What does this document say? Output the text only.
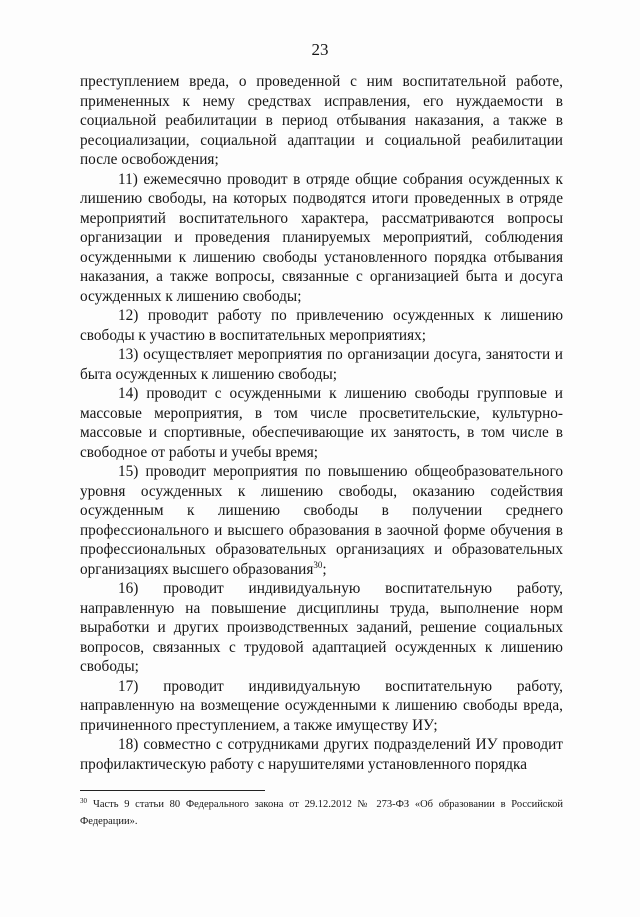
23

преступлением вреда, о проведенной с ним воспитательной работе, примененных к нему средствах исправления, его нуждаемости в социальной реабилитации в период отбывания наказания, а также в ресоциализации, социальной адаптации и социальной реабилитации после освобождения;

11) ежемесячно проводит в отряде общие собрания осужденных к лишению свободы, на которых подводятся итоги проведенных в отряде мероприятий воспитательного характера, рассматриваются вопросы организации и проведения планируемых мероприятий, соблюдения осужденными к лишению свободы установленного порядка отбывания наказания, а также вопросы, связанные с организацией быта и досуга осужденных к лишению свободы;

12) проводит работу по привлечению осужденных к лишению свободы к участию в воспитательных мероприятиях;

13) осуществляет мероприятия по организации досуга, занятости и быта осужденных к лишению свободы;

14) проводит с осужденными к лишению свободы групповые и массовые мероприятия, в том числе просветительские, культурно-массовые и спортивные, обеспечивающие их занятость, в том числе в свободное от работы и учебы время;

15) проводит мероприятия по повышению общеобразовательного уровня осужденных к лишению свободы, оказанию содействия осужденным к лишению свободы в получении среднего профессионального и высшего образования в заочной форме обучения в профессиональных образовательных организациях и образовательных организациях высшего образования$^{30}$;

16) проводит индивидуальную воспитательную работу, направленную на повышение дисциплины труда, выполнение норм выработки и других производственных заданий, решение социальных вопросов, связанных с трудовой адаптацией осужденных к лишению свободы;

17) проводит индивидуальную воспитательную работу, направленную на возмещение осужденными к лишению свободы вреда, причиненного преступлением, а также имуществу ИУ;

18) совместно с сотрудниками других подразделений ИУ проводит профилактическую работу с нарушителями установленного порядка

$^{30}$ Часть 9 статьи 80 Федерального закона от 29.12.2012 № 273-ФЗ «Об образовании в Российской Федерации».
